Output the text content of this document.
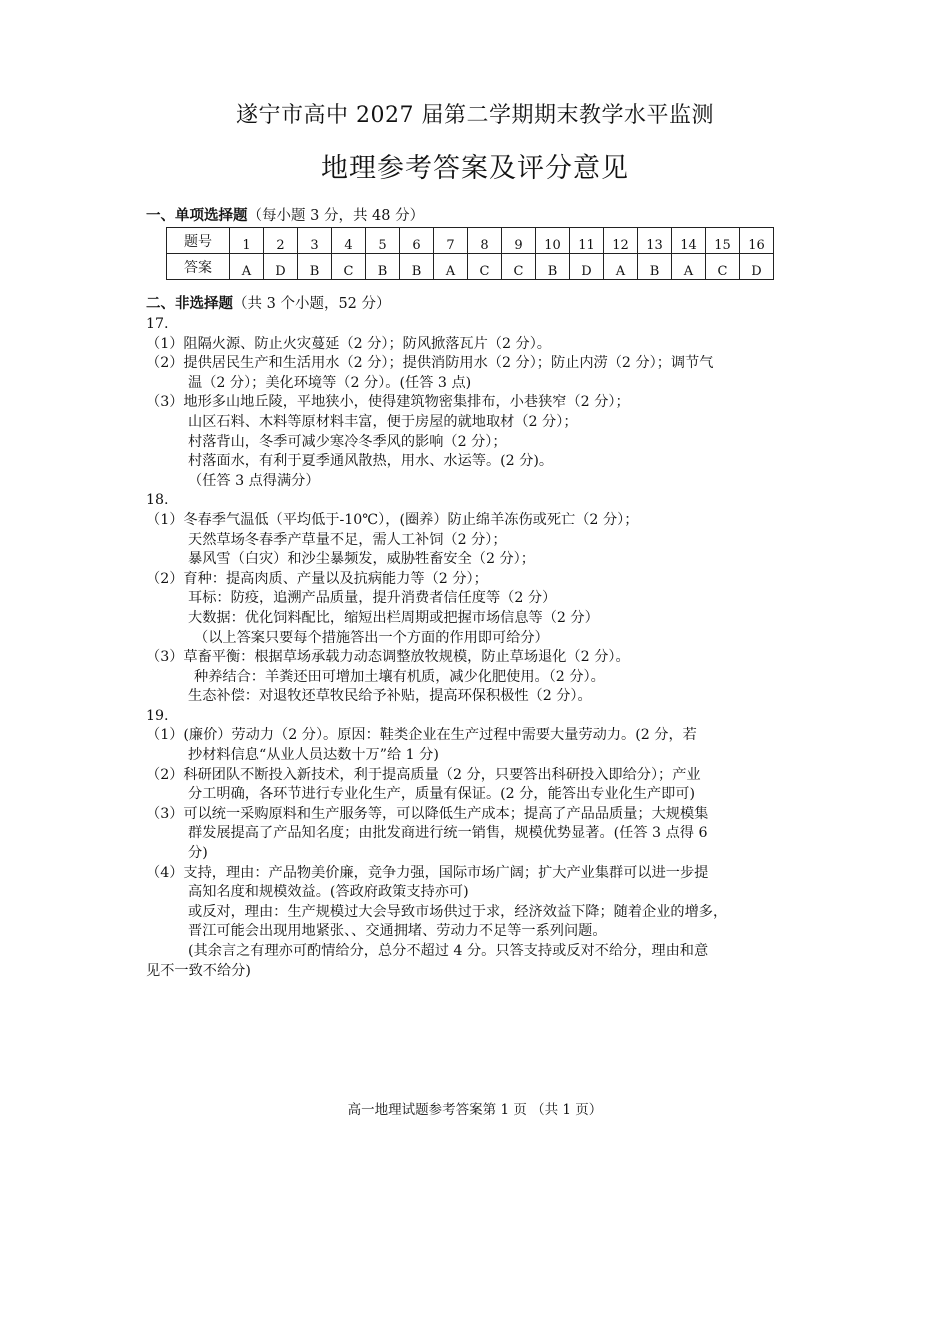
遂宁市高中 2027 届第二学期期末教学水平监测
地理参考答案及评分意见
一、单项选择题（每小题 3 分，共 48 分）
题号	1	2	3	4	5	6	7	8	9	10	11	12	13	14	15	16
答案	A	D	B	C	B	B	A	C	C	B	D	A	B	A	C	D
二、非选择题（共 3 个小题，52 分）

17.

（1）阻隔火源、防止火灾蔓延（2 分）；防风掀落瓦片（2 分）。

（2）提供居民生产和生活用水（2 分）；提供消防用水（2 分）；防止内涝（2 分）；调节气

温（2 分）；美化环境等（2 分）。(任答 3 点)

（3）地形多山地丘陵，平地狭小，使得建筑物密集排布，小巷狭窄（2 分）；

山区石料、木料等原材料丰富，便于房屋的就地取材（2 分）；

村落背山，冬季可减少寒冷冬季风的影响（2 分）；

村落面水，有利于夏季通风散热，用水、水运等。(2 分)。

（任答 3 点得满分）

18.

（1）冬春季气温低（平均低于-10℃），(圈养）防止绵羊冻伤或死亡（2 分）；

天然草场冬春季产草量不足，需人工补饲（2 分）；

暴风雪（白灾）和沙尘暴频发，威胁牲畜安全（2 分）；

（2）育种：提高肉质、产量以及抗病能力等（2 分）；

耳标：防疫，追溯产品质量，提升消费者信任度等（2 分）

大数据：优化饲料配比，缩短出栏周期或把握市场信息等（2 分）

（以上答案只要每个措施答出一个方面的作用即可给分）

（3）草畜平衡：根据草场承载力动态调整放牧规模，防止草场退化（2 分）。

种养结合：羊粪还田可增加土壤有机质，减少化肥使用。（2 分）。

生态补偿：对退牧还草牧民给予补贴，提高环保积极性（2 分）。

19.

（1）(廉价）劳动力（2 分）。原因：鞋类企业在生产过程中需要大量劳动力。(2 分，若

抄材料信息“从业人员达数十万”给 1 分)

（2）科研团队不断投入新技术，利于提高质量（2 分，只要答出科研投入即给分）；产业

分工明确，各环节进行专业化生产，质量有保证。(2 分，能答出专业化生产即可)

（3）可以统一采购原料和生产服务等，可以降低生产成本；提高了产品品质量；大规模集

群发展提高了产品知名度；由批发商进行统一销售，规模优势显著。(任答 3 点得 6

分)

（4）支持，理由：产品物美价廉，竞争力强，国际市场广阔；扩大产业集群可以进一步提

高知名度和规模效益。(答政府政策支持亦可)

或反对，理由：生产规模过大会导致市场供过于求，经济效益下降；随着企业的增多，

晋江可能会出现用地紧张、、交通拥堵、劳动力不足等一系列问题。

(其余言之有理亦可酌情给分，总分不超过 4 分。只答支持或反对不给分，理由和意

见不一致不给分)

高一地理试题参考答案第 1 页 （共 1 页）
